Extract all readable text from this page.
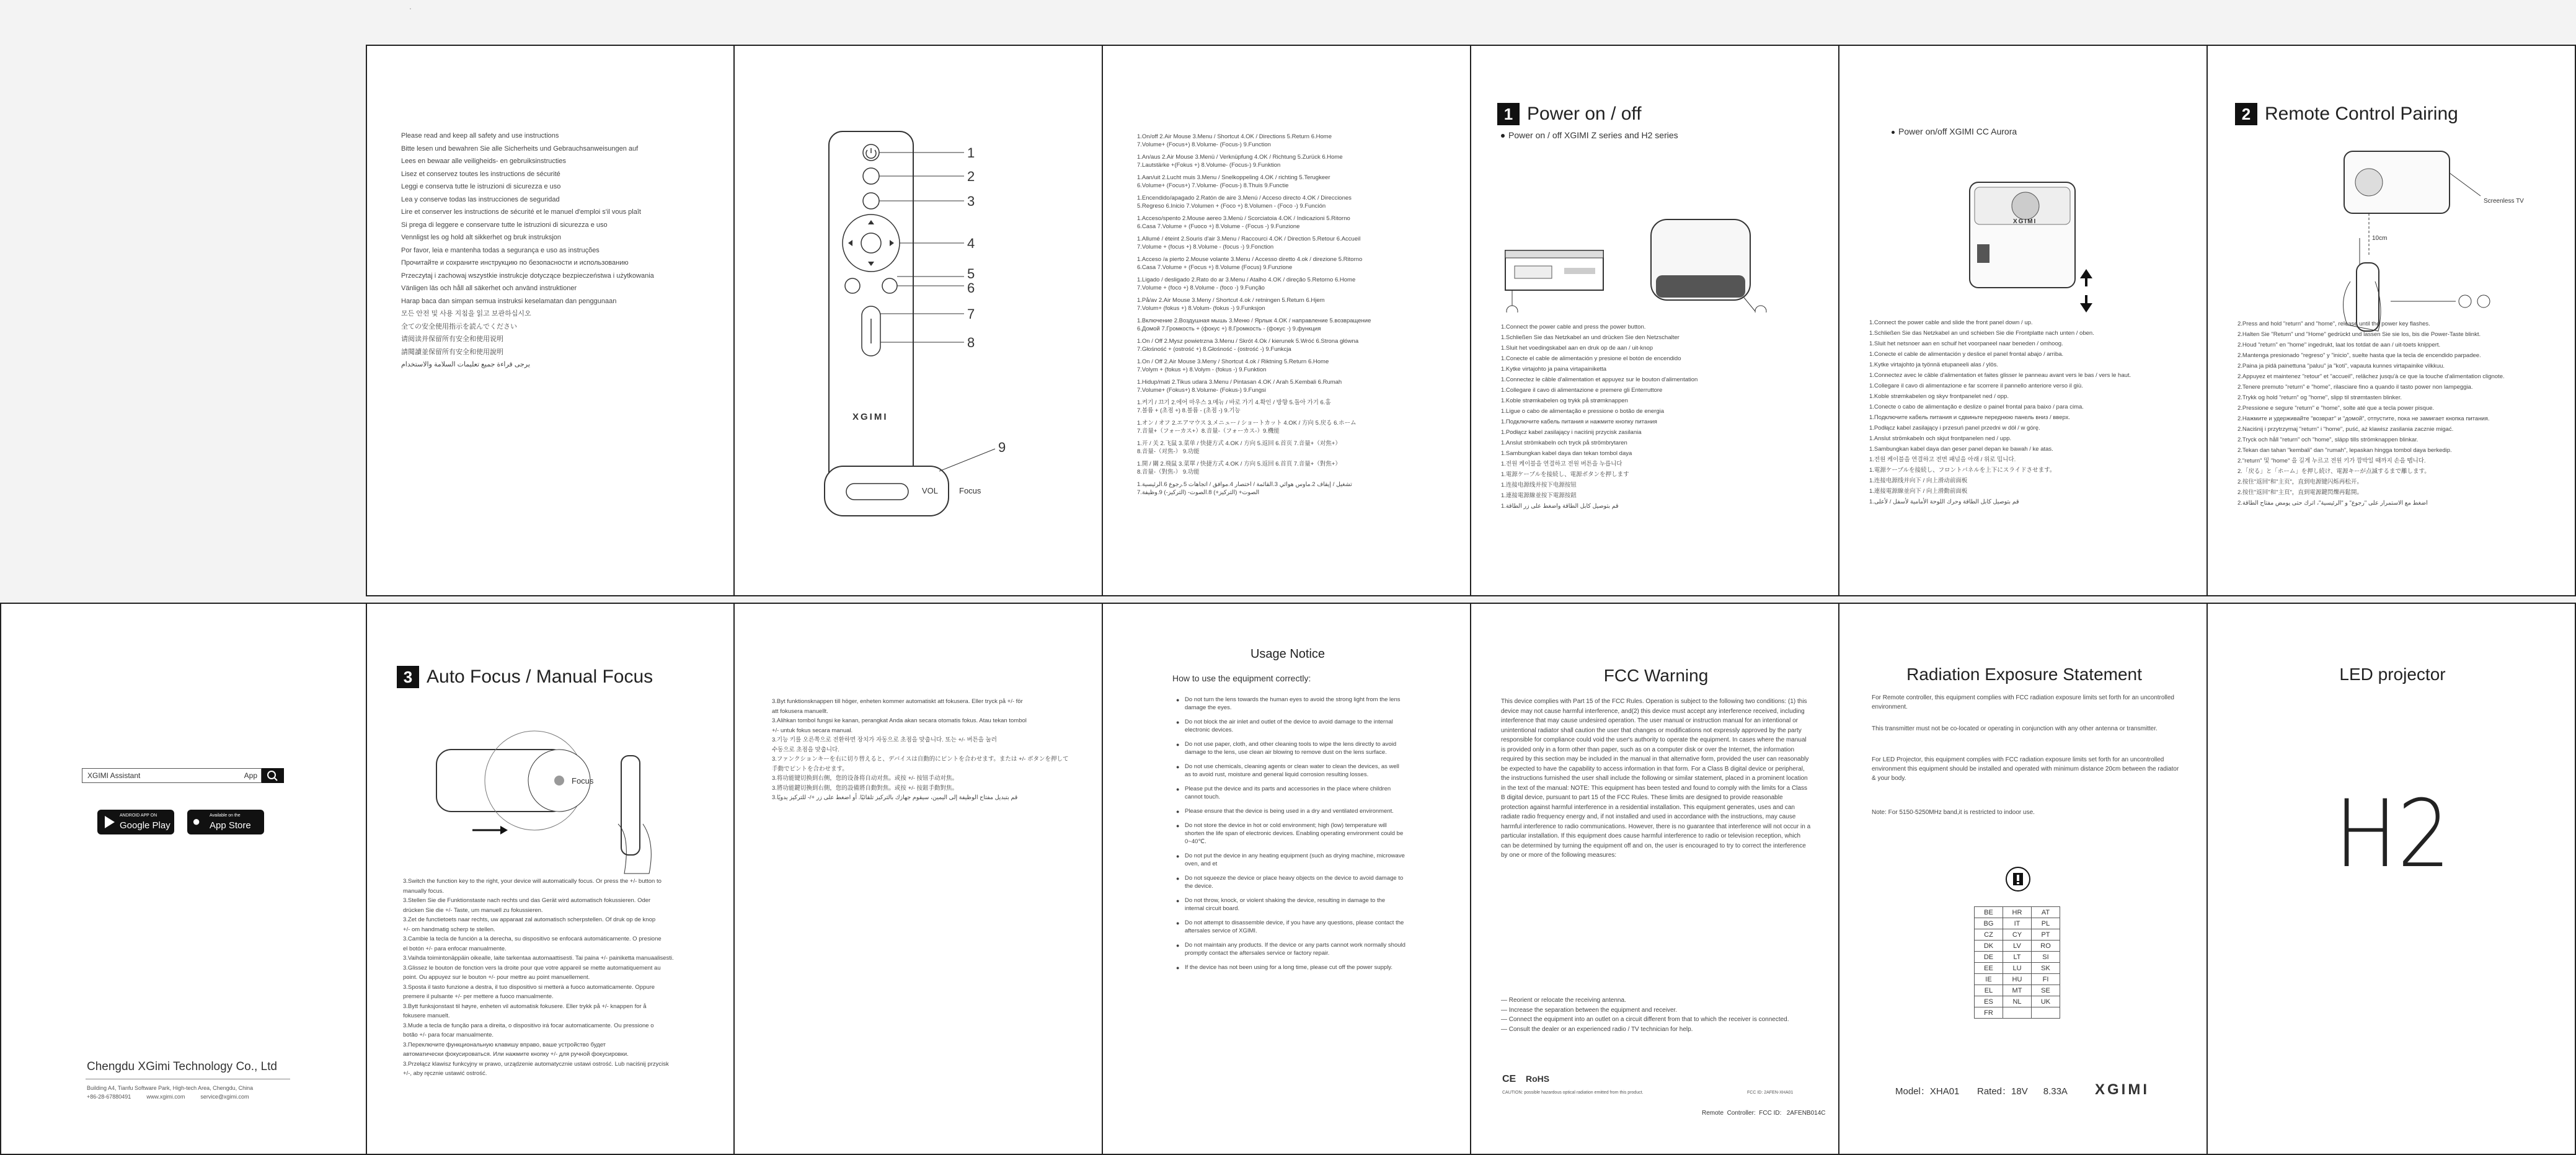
.
Please read and keep all safety and use instructions
Bitte lesen und bewahren Sie alle Sicherheits und Gebrauchsanweisungen auf
Lees en bewaar alle veiligheids- en gebruiksinstructies
Lisez et conservez toutes les instructions de sécurité
Leggi e conserva tutte le istruzioni di sicurezza e uso
Lea y conserve todas las instrucciones de seguridad
Lire et conserver les instructions de sécurité et le manuel d'emploi s'il vous plaît
Si prega di leggere e conservare tutte le istruzioni di sicurezza e uso
Vennligst les og hold alt sikkerhet og bruk instruksjon
Por favor, leia e mantenha todas a segurança e uso as instruções
Прочитайте и сохраните инструкцию по безопасности и использованию
Przeczytaj i zachowaj wszystkie instrukcje dotyczące bezpieczeństwa i użytkowania
Vänligen läs och håll all säkerhet och använd instruktioner
Harap baca dan simpan semua instruksi keselamatan dan penggunaan
모든 안전 및 사용 지침을 읽고 보관하십시오
全ての安全使用指示を読んでください
请阅读并保留所有安全和使用说明
請閱讀並保留所有安全和使用說明
يرجى قراءة جميع تعليمات السلامة والاستخدام
1
2
3
4
5
6
7
8
9
XGIMI
VOL	Focus
1.On/off 2.Air Mouse 3.Menu / Shortcut 4.OK / Directions 5.Return 6.Home
7.Volume+ (Focus+) 8.Volume- (Focus-) 9.Function
1.An/aus 2.Air Mouse 3.Menü / Verknüpfung 4.OK / Richtung 5.Zurück 6.Home
7.Lautstärke +(Fokus +) 8.Volume- (Focus-) 9.Funktion
1.Aan/uit 2.Lucht muis 3.Menu / Snelkoppeling 4.OK / richting 5.Terugkeer
6.Volume+ (Focus+) 7.Volume- (Focus-) 8.Thuis 9.Functie
1.Encendido/apagado 2.Ratón de aire 3.Menú / Acceso directo 4.OK / Direcciones
5.Regreso 6.Inicio 7.Volumen + (Foco +) 8.Volumen - (Foco -) 9.Función
1.Acceso/spento 2.Mouse aereo 3.Menù / Scorciatoia 4.OK / Indicazioni 5.Ritorno
6.Casa 7.Volume + (Fuoco +) 8.Volume - (Focus -) 9.Funzione
1.Allumé / éteint 2.Souris d'air 3.Menu / Raccourci 4.OK / Direction 5.Retour 6.Accueil
7.Volume + (focus +) 8.Volume - (focus -) 9.Fonction
1.Acceso /a pierto 2.Mouse volante 3.Menu / Accesso diretto 4.ok / direzione 5.Ritorno
6.Casa 7.Volume + (Focus +) 8.Volume (Focus) 9.Funzione
1.Ligado / desligado 2.Rato do ar 3.Menu / Atalho 4.OK / direção 5.Retorno 6.Home
7.Volume + (foco +) 8.Volume - (foco -) 9.Função
1.På/av 2.Air Mouse 3.Meny / Shortcut 4.ok / retningen 5.Return 6.Hjem
7.Volum+ (fokus +) 8.Volum- (fokus -) 9.Funksjon
1.Включение 2.Воздушная мышь 3.Меню / Ярлык 4.OK / направление 5.возвращение
6.Домой 7.Громкость + (фокус +) 8.Громкость - (фокус -) 9.функция
1.On / Off 2.Mysz powietrzna 3.Menu / Skrót 4.Ok / kierunek 5.Wróć 6.Strona główna
7.Głośność + (ostrość +) 8.Głośność - (ostrość -) 9.Funkcja
1.On / Off 2.Air Mouse 3.Meny / Shortcut 4.ok / Riktning 5.Return 6.Home
7.Volym + (fokus +) 8.Volym - (fokus -) 9.Funktion
1.Hidup/mati 2.Tikus udara 3.Menu / Pintasan 4.OK / Arah 5.Kembali 6.Rumah
7.Volume+ (Fokus+) 8.Volume- (Fokus-) 9.Fungsi
1.켜기 / 끄기 2.에어 마우스 3.메뉴 / 바로 가기 4.확인 / 방향 5.돌아 가기 6.홈
7.볼륨 + (초점 +) 8.볼륨 - (초점 -) 9.기능
1.オン / オフ 2.エアマウス 3.メニュー / ショートカット 4.OK / 方向 5.戻る 6.ホーム
7.音量+（フォーカス+）8.音量-（フォーカス-）9.機能
1.开 / 关 2.飞鼠 3.菜单 / 快捷方式 4.OK / 方向 5.返回 6.首页 7.音量+（对焦+）
8.音量-（对焦-） 9.功能
1.開 / 關 2.飛鼠 3.菜單 / 快捷方式 4.OK / 方向 5.返回 6.首頁 7.音量+（對焦+）
8.音量-（對焦-） 9.功能
1.تشغيل / إيقاف 2.ماوس هوائي 3.القائمة / اختصار 4.موافق / اتجاهات 5.رجوع 6.الرئيسية
7.الصوت+ (التركيز+) 8.الصوت- (التركيز-) 9.وظيفة
1 Power on / off
Power on / off XGIMI Z series and H2 series
1.Connect the power cable and press the power button.
1.Schließen Sie das Netzkabel an und drücken Sie den Netzschalter
1.Sluit het voedingskabel aan en druk op de aan / uit-knop
1.Conecte el cable de alimentación y presione el botón de encendido
1.Kytke virtajohto ja paina virtapainiketta
1.Connectez le câble d'alimentation et appuyez sur le bouton d'alimentation
1.Collegare il cavo di alimentazione e premere gli Enterruttore
1.Koble strømkabelen og trykk på strømknappen
1.Ligue o cabo de alimentação e pressione o botão de energia
1.Подключите кабель питания и нажмите кнопку питания
1.Podłącz kabel zasilający i naciśnij przycisk zasilania
1.Anslut strömkabeln och tryck på strömbrytaren
1.Sambungkan kabel daya dan tekan tombol daya
1.전원 케이블을 연결하고 전원 버튼을 누릅니다
1.電源ケーブルを接続し、電源ボタンを押します
1.连接电源线并按下电源按钮
1.連接電源線並按下電源按鈕
1.قم بتوصيل كابل الطاقة واضغط على زر الطاقة
Power on/off XGIMI CC Aurora
XGIMI
1.Connect the power cable and slide the front panel down / up.
1.Schließen Sie das Netzkabel an und schieben Sie die Frontplatte nach unten / oben.
1.Sluit het netsnoer aan en schuif het voorpaneel naar beneden / omhoog.
1.Conecte el cable de alimentación y deslice el panel frontal abajo / arriba.
1.Kytke virtajohto ja työnnä etupaneeli alas / ylös.
1.Connectez avec le câble d'alimentation et faites glisser le panneau avant vers le bas / vers le haut.
1.Collegare il cavo di alimentazione e far scorrere il pannello anteriore verso il giù.
1.Koble strømkabelen og skyv frontpanelet ned / opp.
1.Conecte o cabo de alimentação e deslize o painel frontal para baixo / para cima.
1.Подключите кабель питания и сдвиньте переднюю панель вниз / вверх.
1.Podłącz kabel zasilający i przesuń panel przedni w dół / w górę.
1.Anslut strömkabeln och skjut frontpanelen ned / upp.
1.Sambungkan kabel daya dan geser panel depan ke bawah / ke atas.
1.전원 케이블을 연결하고 전면 패널을 아래 / 위로 밉니다.
1.電源ケーブルを接続し、フロントパネルを上下にスライドさせます。
1.连接电源线并向下 / 向上滑动前面板
1.連接電源線並向下 / 向上滑動前面板
1.قم بتوصيل كابل الطاقة وحرك اللوحة الأمامية لأسفل / لأعلى
2 Remote Control Pairing
Screenless TV
10cm
2.Press and hold "return" and "home", release until the power key flashes.
2.Halten Sie "Return" und "Home" gedrückt und lassen Sie sie los, bis die Power-Taste blinkt.
2.Houd "return" en "home" ingedrukt, laat los totdat de aan / uit-toets knippert.
2.Mantenga presionado "regreso" y "inicio", suelte hasta que la tecla de encendido parpadee.
2.Paina ja pidä painettuna "paluu" ja "koti", vapauta kunnes virtapainike vilkkuu.
2.Appuyez et maintenez "retour" et "accueil", relâchez jusqu'à ce que la touche d'alimentation clignote.
2.Tenere premuto "return" e "home", rilasciare fino a quando il tasto power non lampeggia.
2.Trykk og hold "return" og "home", slipp til strømtasten blinker.
2.Pressione e segure "return" e "home", solte até que a tecla power pisque.
2.Нажмите и удерживайте "возврат" и "домой", отпустите, пока не замигает кнопка питания.
2.Naciśnij i przytrzymaj "return" i "home", puść, aż klawisz zasilania zacznie migać.
2.Tryck och håll "return" och "home", släpp tills strömknappen blinkar.
2.Tekan dan tahan "kembali" dan "rumah", lepaskan hingga tombol daya berkedip.
2."return" 및 "home" 을 길게 누르고 전원 키가 깜박일 때까지 손을 뗍니다.
2.「戻る」と「ホーム」を押し続け、電源キーが点滅するまで離します。
2.按住"返回"和"主页"，直到电源键闪烁再松开。
2.按住"返回"和"主頁"，直到電源鍵閃爍再鬆開。
2.اضغط مع الاستمرار على "رجوع" و "الرئيسية"، اترك حتى يومض مفتاح الطاقة
XGIMI Assistant	App
ANDROID APP ON
Google Play ● Available on the
App Store
Chengdu XGimi Technology Co., Ltd
Building A4, Tianfu Software Park, High-tech Area, Chengdu, China
+86-28-67880491          www.xgimi.com          service@xgimi.com
3 Auto Focus / Manual Focus
Focus
3.Switch the function key to the right, your device will automatically focus. Or press the +/- button to
manually focus.
3.Stellen Sie die Funktionstaste nach rechts und das Gerät wird automatisch fokussieren. Oder
drücken Sie die +/- Taste, um manuell zu fokussieren.
3.Zet de functietoets naar rechts, uw apparaat zal automatisch scherpstellen. Of druk op de knop
+/- om handmatig scherp te stellen.
3.Cambie la tecla de función a la derecha, su dispositivo se enfocará automáticamente. O presione
el botón +/- para enfocar manualmente.
3.Vaihda toimintonäppäin oikealle, laite tarkentaa automaattisesti. Tai paina +/- painiketta manuaalisesti.
3.Glissez le bouton de fonction vers la droite pour que votre appareil se mette automatiquement au
point. Ou appuyez sur le bouton +/- pour mettre au point manuellement.
3.Sposta il tasto funzione a destra, il tuo dispositivo si metterà a fuoco automaticamente. Oppure
premere il pulsante +/- per mettere a fuoco manualmente.
3.Bytt funksjonstast til høyre, enheten vil automatisk fokusere. Eller trykk på +/- knappen for å
fokusere manuelt.
3.Mude a tecla de função para a direita, o dispositivo irá focar automaticamente. Ou pressione o
botão +/- para focar manualmente.
3.Переключите функциональную клавишу вправо, ваше устройство будет
автоматически фокусироваться. Или нажмите кнопку +/- для ручной фокусировки.
3.Przełącz klawisz funkcyjny w prawo, urządzenie automatycznie ustawi ostrość. Lub naciśnij przycisk
+/-, aby ręcznie ustawić ostrość.
3.Byt funktionsknappen till höger, enheten kommer automatiskt att fokusera. Eller tryck på +/- för
att fokusera manuellt.
3.Alihkan tombol fungsi ke kanan, perangkat Anda akan secara otomatis fokus. Atau tekan tombol
+/- untuk fokus secara manual.
3.기능 키를 오른쪽으로 전환하면 장치가 자동으로 초점을 맞춥니다. 또는 +/- 버튼을 눌러
수동으로 초점을 맞춥니다.
3.ファンクションキーを右に切り替えると、デバイスは自動的にピントを合わせます。または +/- ボタンを押して
手動でピントを合わせます。
3.将功能键切换到右侧，您的设备将自动对焦。或按 +/- 按钮手动对焦。
3.將功能鍵切換到右側，您的設備將自動對焦。或按 +/- 按鈕手動對焦。
3.قم بتبديل مفتاح الوظيفة إلى اليمين، سيقوم جهازك بالتركيز تلقائيًا. أو اضغط على زر +/- للتركيز يدويًا
Usage Notice
How to use the equipment correctly:
● Do not turn the lens towards the human eyes to avoid the strong light from the lens damage the eyes.
● Do not block the air inlet and outlet of the device to avoid damage to the internal electronic devices.
● Do not use paper, cloth, and other cleaning tools to wipe the lens directly to avoid damage to the lens, use clean air blowing to remove dust on the lens surface.
● Do not use chemicals, cleaning agents or clean water to clean the devices, as well as to avoid rust, moisture and general liquid corrosion resulting losses.
● Please put the device and its parts and accessories in the place where children cannot touch.
● Please ensure that the device is being used in a dry and ventilated environment.
● Do not store the device in hot or cold environment; high (low) temperature will shorten the life span of electronic devices. Enabling operating environment could be 0~40℃.
● Do not put the device in any heating equipment (such as drying machine, microwave oven, and et
● Do not squeeze the device or place heavy objects on the device to avoid damage to the device.
● Do not throw, knock, or violent shaking the device, resulting in damage to the internal circuit board.
● Do not attempt to disassemble device, if you have any questions, please contact the aftersales service of XGIMI.
● Do not maintain any products. If the device or any parts cannot work normally should promptly contact the aftersales service or factory repair.
● If the device has not been using for a long time, please cut off the power supply.
FCC Warning
This device complies with Part 15 of the FCC Rules. Operation is subject to the following two conditions: (1) this device may not cause harmful interference, and(2) this device must accept any interference received, including interference that may cause undesired operation. The user manual or instruction manual for an intentional or unintentional radiator shall caution the user that changes or modifications not expressly approved by the party responsible for compliance could void the user's authority to operate the equipment. In cases where the manual is provided only in a form other than paper, such as on a computer disk or over the Internet, the information required by this section may be included in the manual in that alternative form, provided the user can reasonably be expected to have the capability to access information in that form. For a Class B digital device or peripheral, the instructions furnished the user shall include the following or similar statement, placed in a prominent location in the text of the manual: NOTE: This equipment has been tested and found to comply with the limits for a Class B digital device, pursuant to part 15 of the FCC Rules. These limits are designed to provide reasonable protection against harmful interference in a residential installation. This equipment generates, uses and can radiate radio frequency energy and, if not installed and used in accordance with the instructions, may cause harmful interference to radio communications. However, there is no guarantee that interference will not occur in a particular installation. If this equipment does cause harmful interference to radio or television reception, which can be determined by turning the equipment off and on, the user is encouraged to try to correct the interference by one or more of the following measures:
— Reorient or relocate the receiving antenna.
— Increase the separation between the equipment and receiver.
— Connect the equipment into an outlet on a circuit different from that to which the receiver is connected.
— Consult the dealer or an experienced radio / TV technician for help.
CE RoHS
CAUTION: possible hazardous optical radiation emitted from this product.	FCC ID: 2AFEN-XHA01
Remote  Controller:  FCC ID:   2AFENB014C
Radiation Exposure Statement
For Remote controller, this equipment complies with FCC radiation exposure limits set forth for an uncontrolled environment.
This transmitter must not be co-located or operating in conjunction with any other antenna or transmitter.
For LED Projector, this equipment complies with FCC radiation exposure limits set forth for an uncontrolled environment this equipment should be installed and operated with minimum distance 20cm between the radiator & your body.
Note: For 5150-5250MHz band,it is restricted to indoor use.
BE	HR	AT
BG	IT	PL
CZ	CY	PT
DK	LV	RO
DE	LT	SI
EE	LU	SK
IE	HU	FI
EL	MT	SE
ES	NL	UK
FR		
Model：XHA01 Rated：18V      8.33A XGIMI
LED projector
H2
